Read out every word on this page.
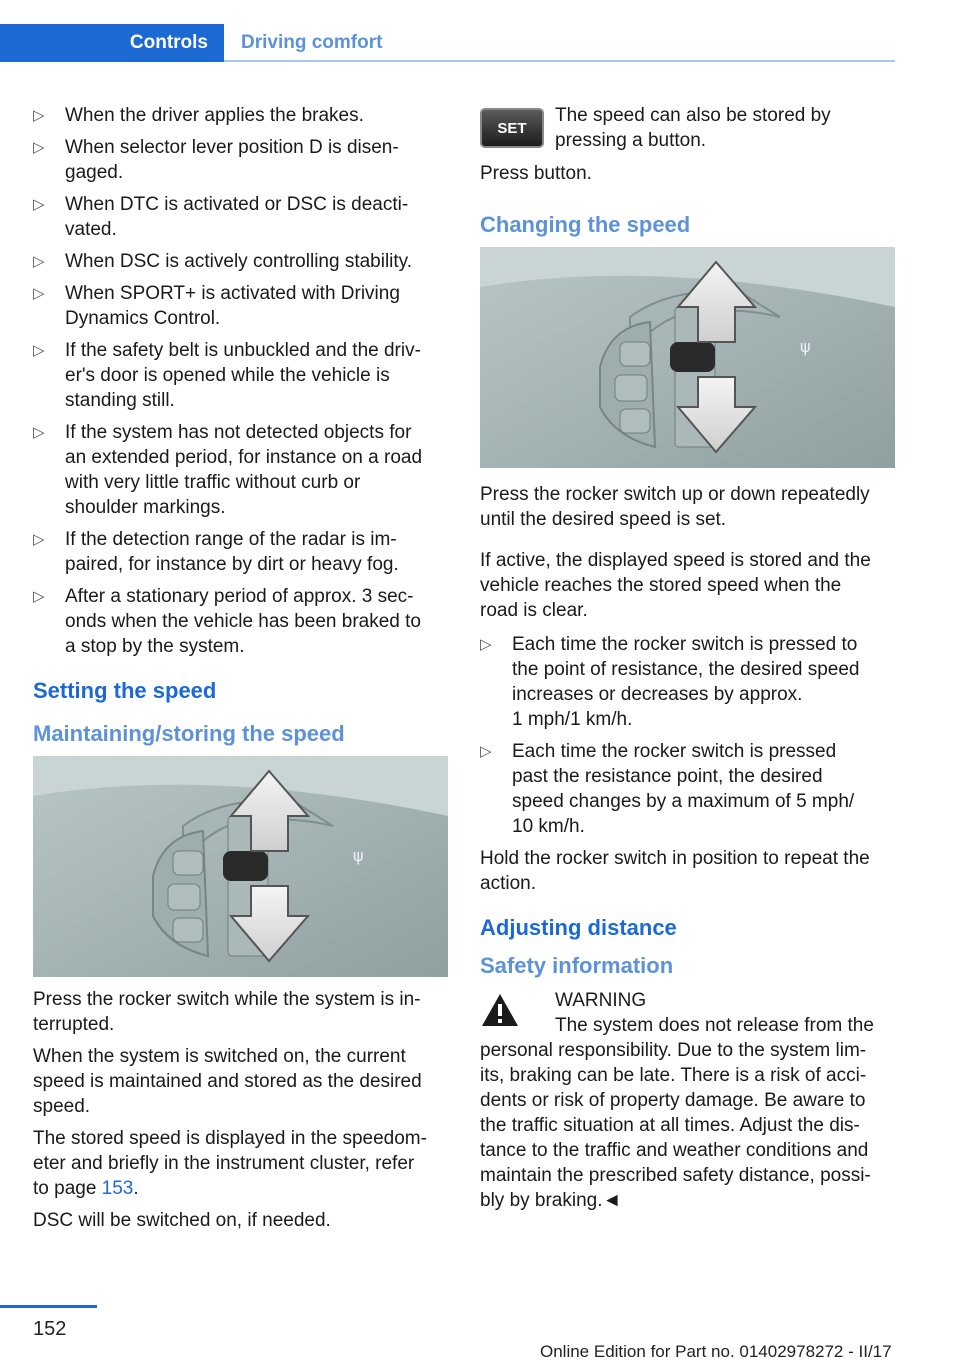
Controls	Driving comfort
▷ When the driver applies the brakes.
▷ When selector lever position D is disen-
gaged.
▷ When DTC is activated or DSC is deacti-
vated.
▷ When DSC is actively controlling stability.
▷ When SPORT+ is activated with Driving
Dynamics Control.
▷ If the safety belt is unbuckled and the driv-
er's door is opened while the vehicle is
standing still.
▷ If the system has not detected objects for
an extended period, for instance on a road
with very little traffic without curb or
shoulder markings.
▷ If the detection range of the radar is im-
paired, for instance by dirt or heavy fog.
▷ After a stationary period of approx. 3 sec-
onds when the vehicle has been braked to
a stop by the system.
Setting the speed
Maintaining/storing the speed
ψ

Press the rocker switch while the system is in-
terrupted.

When the system is switched on, the current
speed is maintained and stored as the desired
speed.

The stored speed is displayed in the speedom-
eter and briefly in the instrument cluster, refer
to page 153.

DSC will be switched on, if needed.

SET
The speed can also be stored by
pressing a button.

Press button.

Changing the speed
ψ

Press the rocker switch up or down repeatedly
until the desired speed is set.

If active, the displayed speed is stored and the
vehicle reaches the stored speed when the
road is clear.

▷ Each time the rocker switch is pressed to
the point of resistance, the desired speed
increases or decreases by approx.
1 mph/1 km/h.
▷ Each time the rocker switch is pressed
past the resistance point, the desired
speed changes by a maximum of 5 mph/
10 km/h.

Hold the rocker switch in position to repeat the
action.

Adjusting distance
Safety information
WARNING
The system does not release from the
personal responsibility. Due to the system lim-
its, braking can be late. There is a risk of acci-
dents or risk of property damage. Be aware to
the traffic situation at all times. Adjust the dis-
tance to the traffic and weather conditions and
maintain the prescribed safety distance, possi-
bly by braking.◄
152
Online Edition for Part no. 01402978272 - II/17
